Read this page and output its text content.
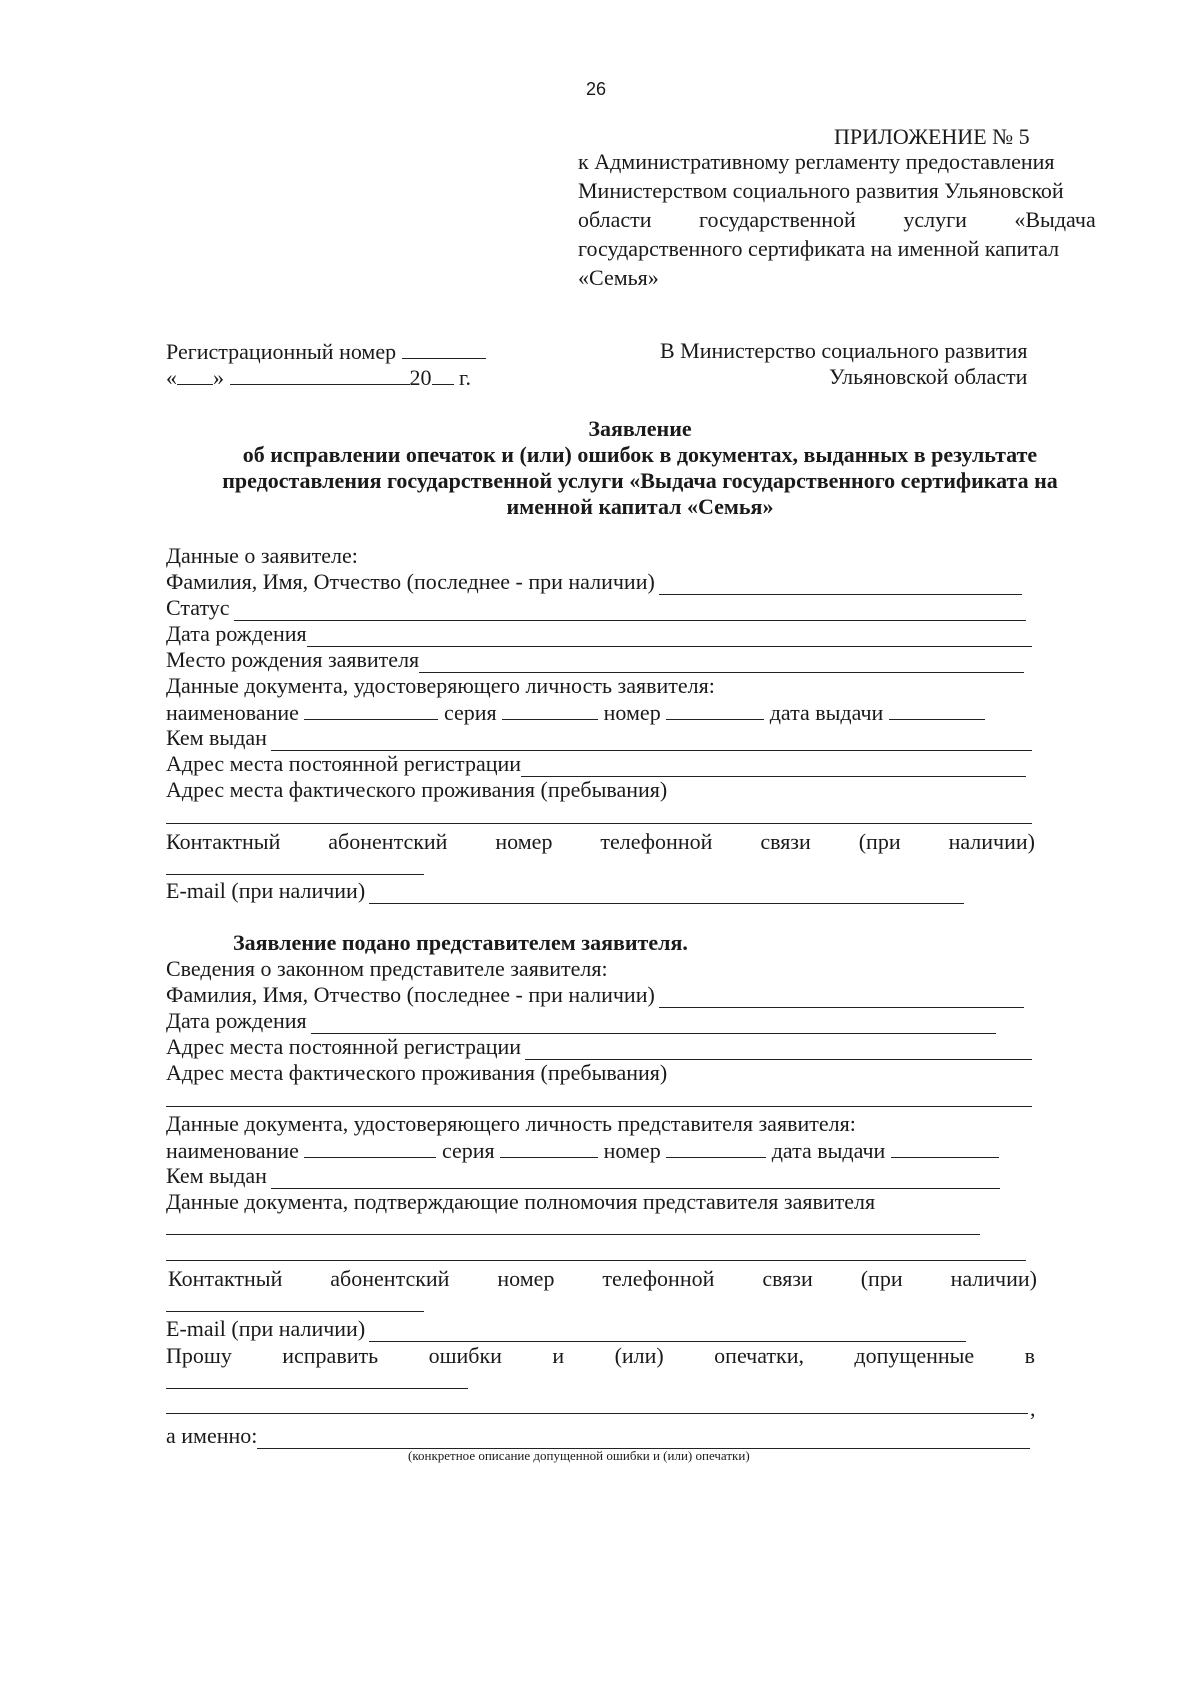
26
ПРИЛОЖЕНИЕ № 5
к Административному регламенту предоставления
Министерством социального развития Ульяновской
области государственной услуги «Выдача
государственного сертификата на именной капитал
«Семья»
Регистрационный номер
« »	20 г.
В Министерство социального развития
Ульяновской области
Заявление
об исправлении опечаток и (или) ошибок в документах, выданных в результате
предоставления государственной услуги «Выдача государственного сертификата на
именной капитал «Семья»
Данные о заявителе:
Фамилия, Имя, Отчество (последнее - при наличии)
Статус
Дата рождения
Место рождения заявителя
Данные документа, удостоверяющего личность заявителя:
наименование	серия	номер	дата выдачи
Кем выдан
Адрес места постоянной регистрации
Адрес места фактического проживания (пребывания)
Контактный абонентский номер телефонной связи (при наличии)
E-mail (при наличии)
Заявление подано представителем заявителя.
Сведения о законном представителе заявителя:
Фамилия, Имя, Отчество (последнее - при наличии)
Дата рождения
Адрес места постоянной регистрации
Адрес места фактического проживания (пребывания)
Данные документа, удостоверяющего личность представителя заявителя:
наименование	серия	номер	дата выдачи
Кем выдан
Данные документа, подтверждающие полномочия представителя заявителя
Контактный абонентский номер телефонной связи (при наличии)
E-mail (при наличии)
Прошу исправить ошибки и (или) опечатки, допущенные в
,
а именно:
(конкретное описание допущенной ошибки и (или) опечатки)
